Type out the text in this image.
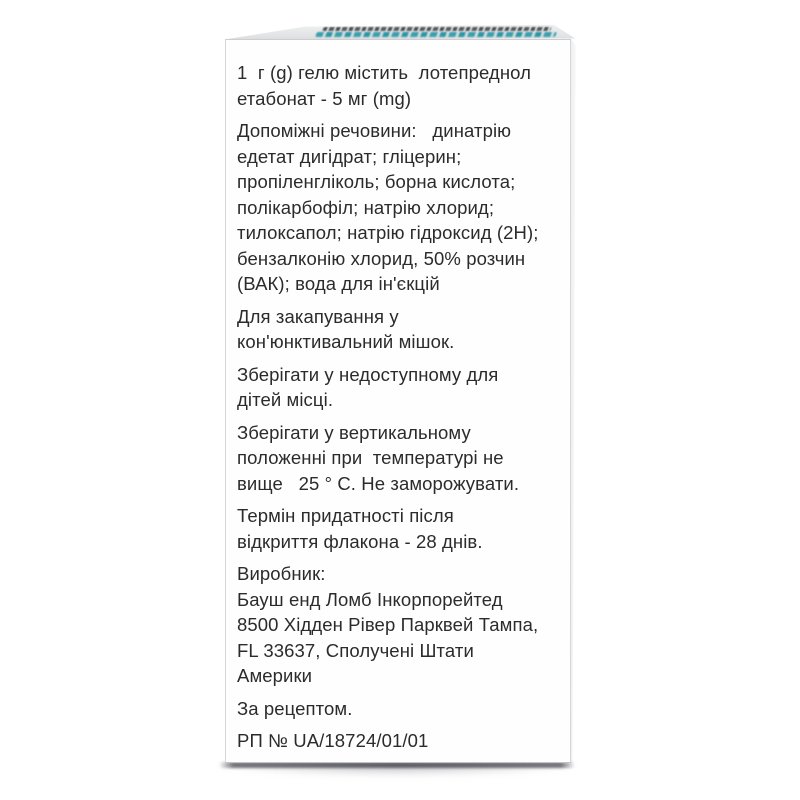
1  г (g) гелю містить  лотепреднол
етабонат - 5 мг (mg)
Допоміжні речовини:   динатрію
едетат дигідрат; гліцерин;
пропіленгліколь; борна кислота;
полікарбофіл; натрію хлорид;
тилоксапол; натрію гідроксид (2Н);
бензалконію хлорид, 50% розчин
(ВАК); вода для ін'єкцій
Для закапування у
кон'юнктивальний мішок.
Зберігати у недоступному для
дітей місці.
Зберігати у вертикальному
положенні при  температурі не
вище   25 ° С. Не заморожувати.
Термін придатності після
відкриття флакона - 28 днів.
Виробник:
Бауш енд Ломб Інкорпорейтед
8500 Хідден Рівер Парквей Тампа,
FL 33637, Сполучені Штати
Америки
За рецептом.
РП № UA/18724/01/01
